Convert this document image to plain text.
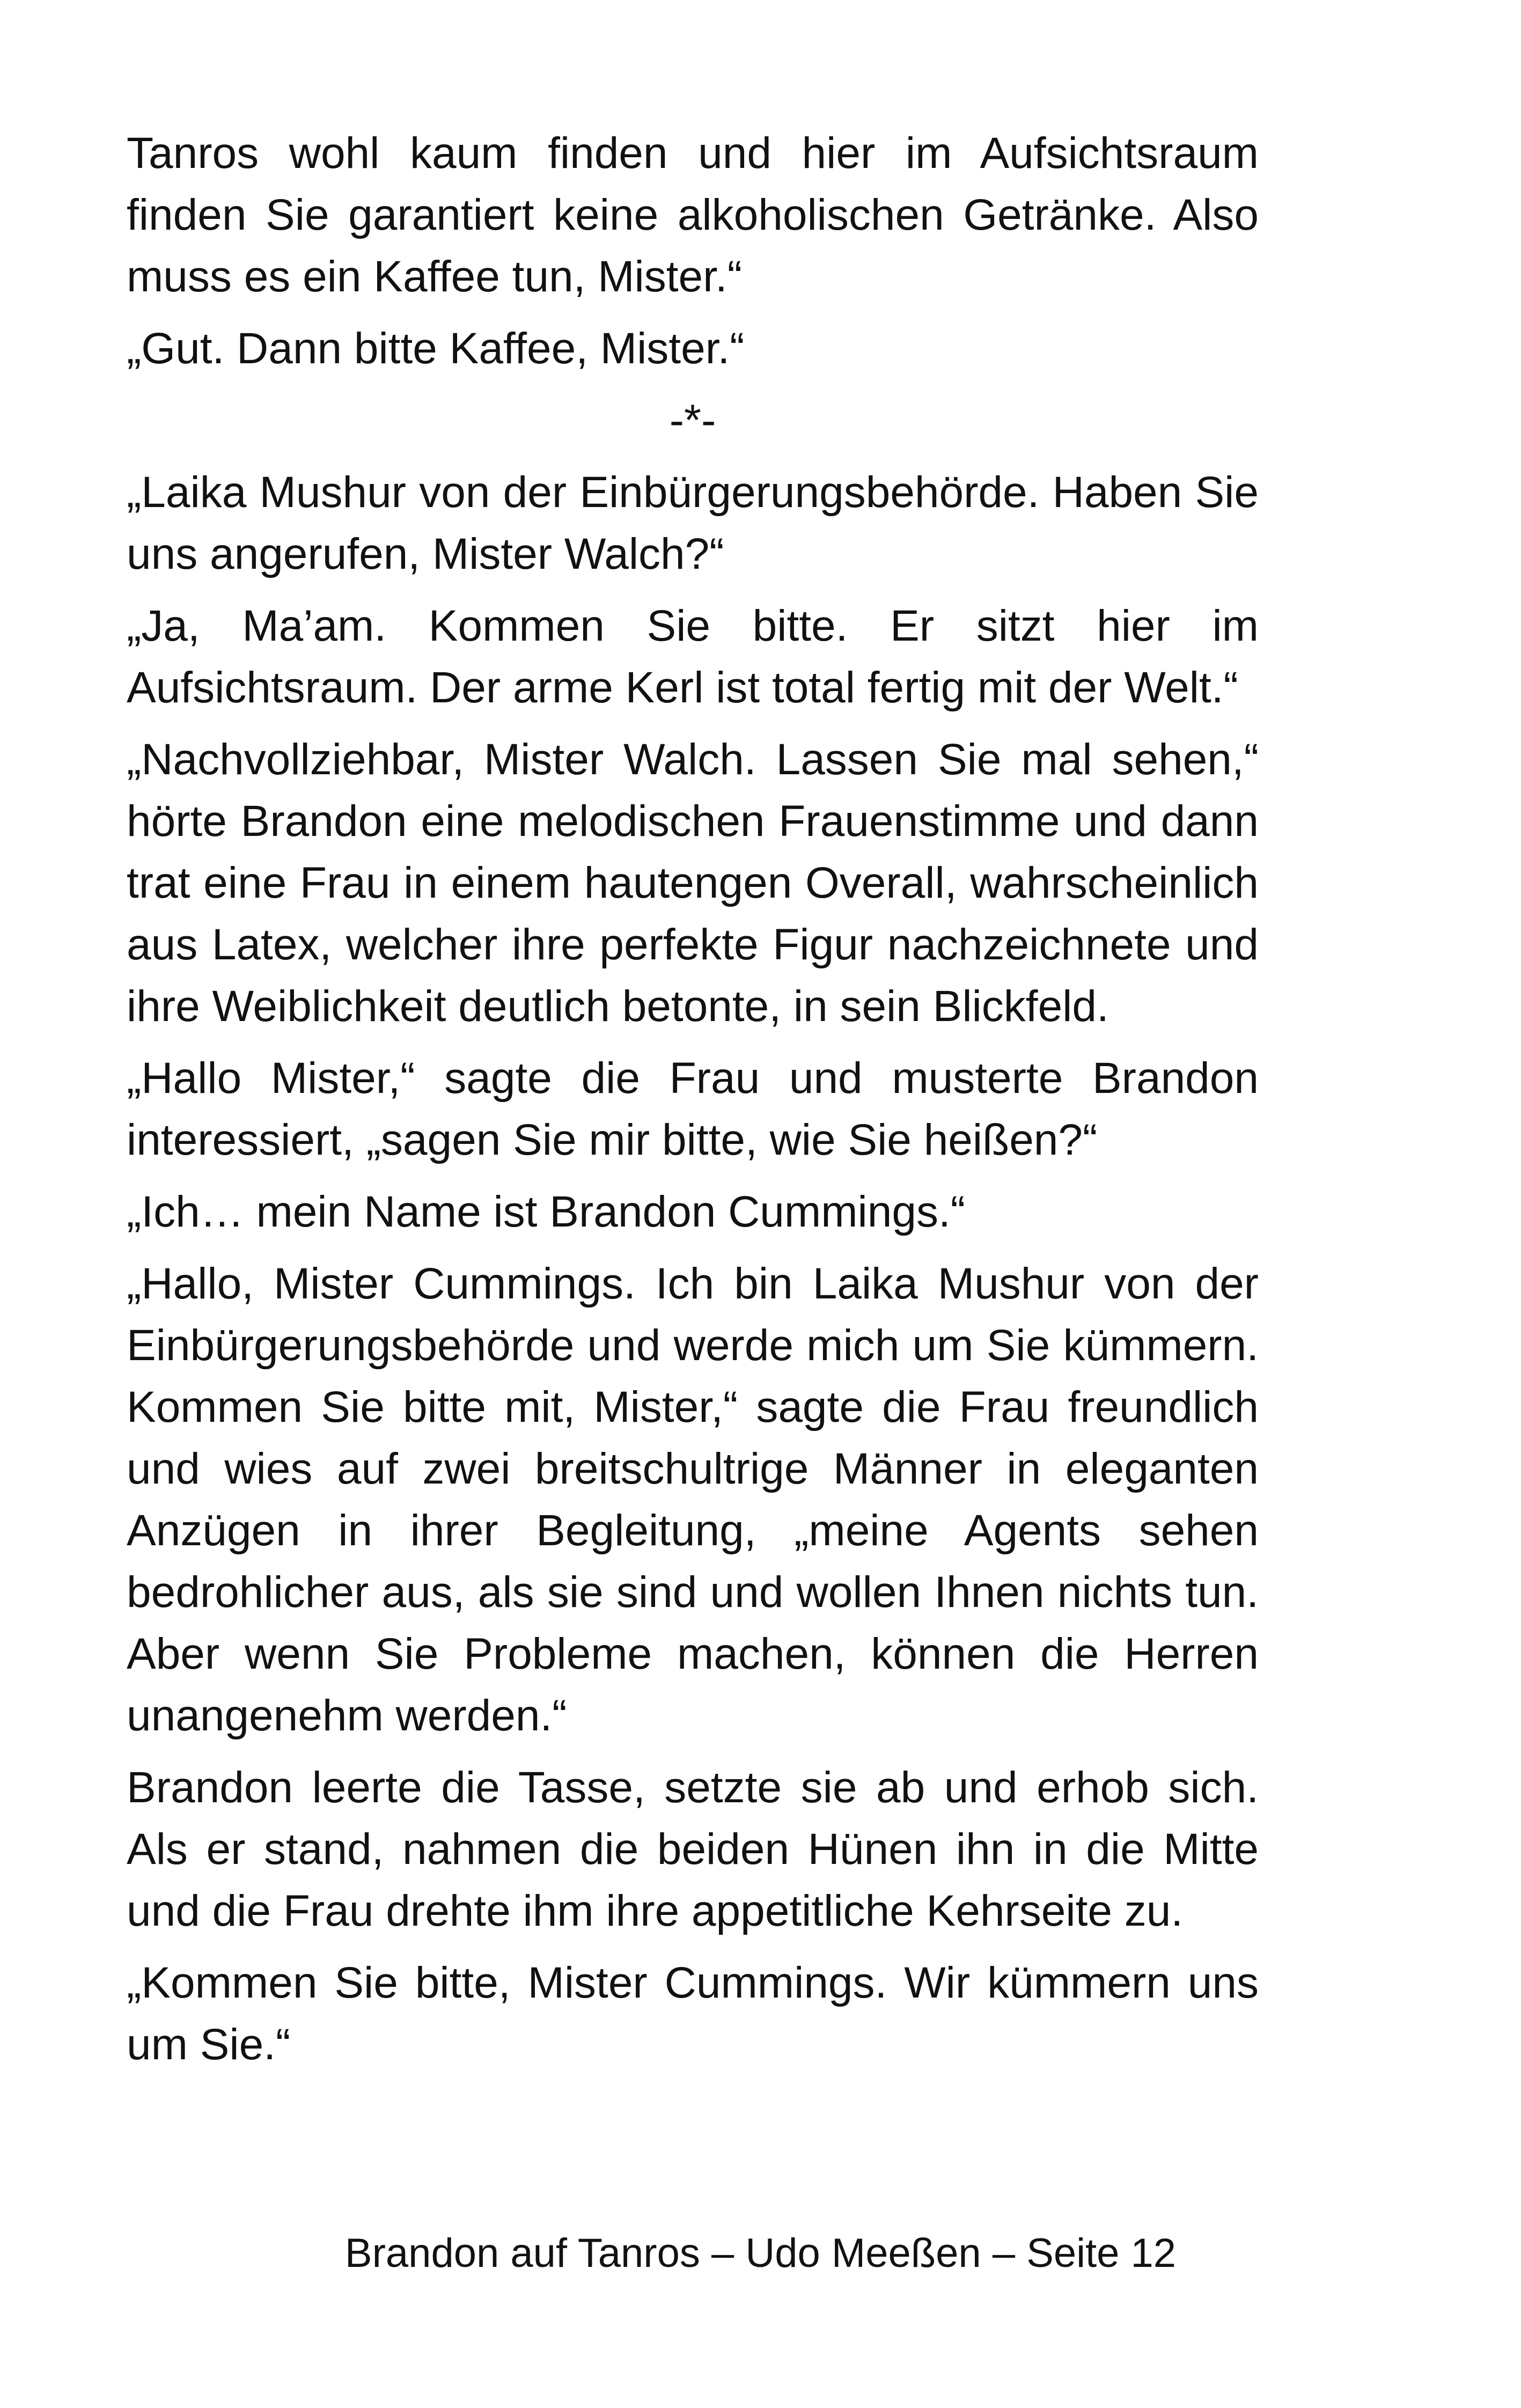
Tanros wohl kaum finden und hier im Aufsichtsraum finden Sie garantiert keine alkoholischen Getränke. Also muss es ein Kaffee tun, Mister.“

„Gut. Dann bitte Kaffee, Mister.“

-*-

„Laika Mushur von der Einbürgerungsbehörde. Haben Sie uns angerufen, Mister Walch?“

„Ja, Ma’am. Kommen Sie bitte. Er sitzt hier im Aufsichtsraum. Der arme Kerl ist total fertig mit der Welt.“

„Nachvollziehbar, Mister Walch. Lassen Sie mal sehen,“ hörte Brandon eine melodischen Frauenstimme und dann trat eine Frau in einem hautengen Overall, wahrscheinlich aus Latex, welcher ihre perfekte Figur nachzeichnete und ihre Weiblichkeit deutlich betonte, in sein Blickfeld.

„Hallo Mister,“ sagte die Frau und musterte Brandon interessiert, „sagen Sie mir bitte, wie Sie heißen?“

„Ich… mein Name ist Brandon Cummings.“

„Hallo, Mister Cummings. Ich bin Laika Mushur von der Einbürgerungsbehörde und werde mich um Sie kümmern. Kommen Sie bitte mit, Mister,“ sagte die Frau freundlich und wies auf zwei breitschultrige Männer in eleganten Anzügen in ihrer Begleitung, „meine Agents sehen bedrohlicher aus, als sie sind und wollen Ihnen nichts tun. Aber wenn Sie Probleme machen, können die Herren unangenehm werden.“

Brandon leerte die Tasse, setzte sie ab und erhob sich. Als er stand, nahmen die beiden Hünen ihn in die Mitte und die Frau drehte ihm ihre appetitliche Kehrseite zu.

„Kommen Sie bitte, Mister Cummings. Wir kümmern uns um Sie.“

Brandon auf Tanros – Udo Meeßen – Seite 12
